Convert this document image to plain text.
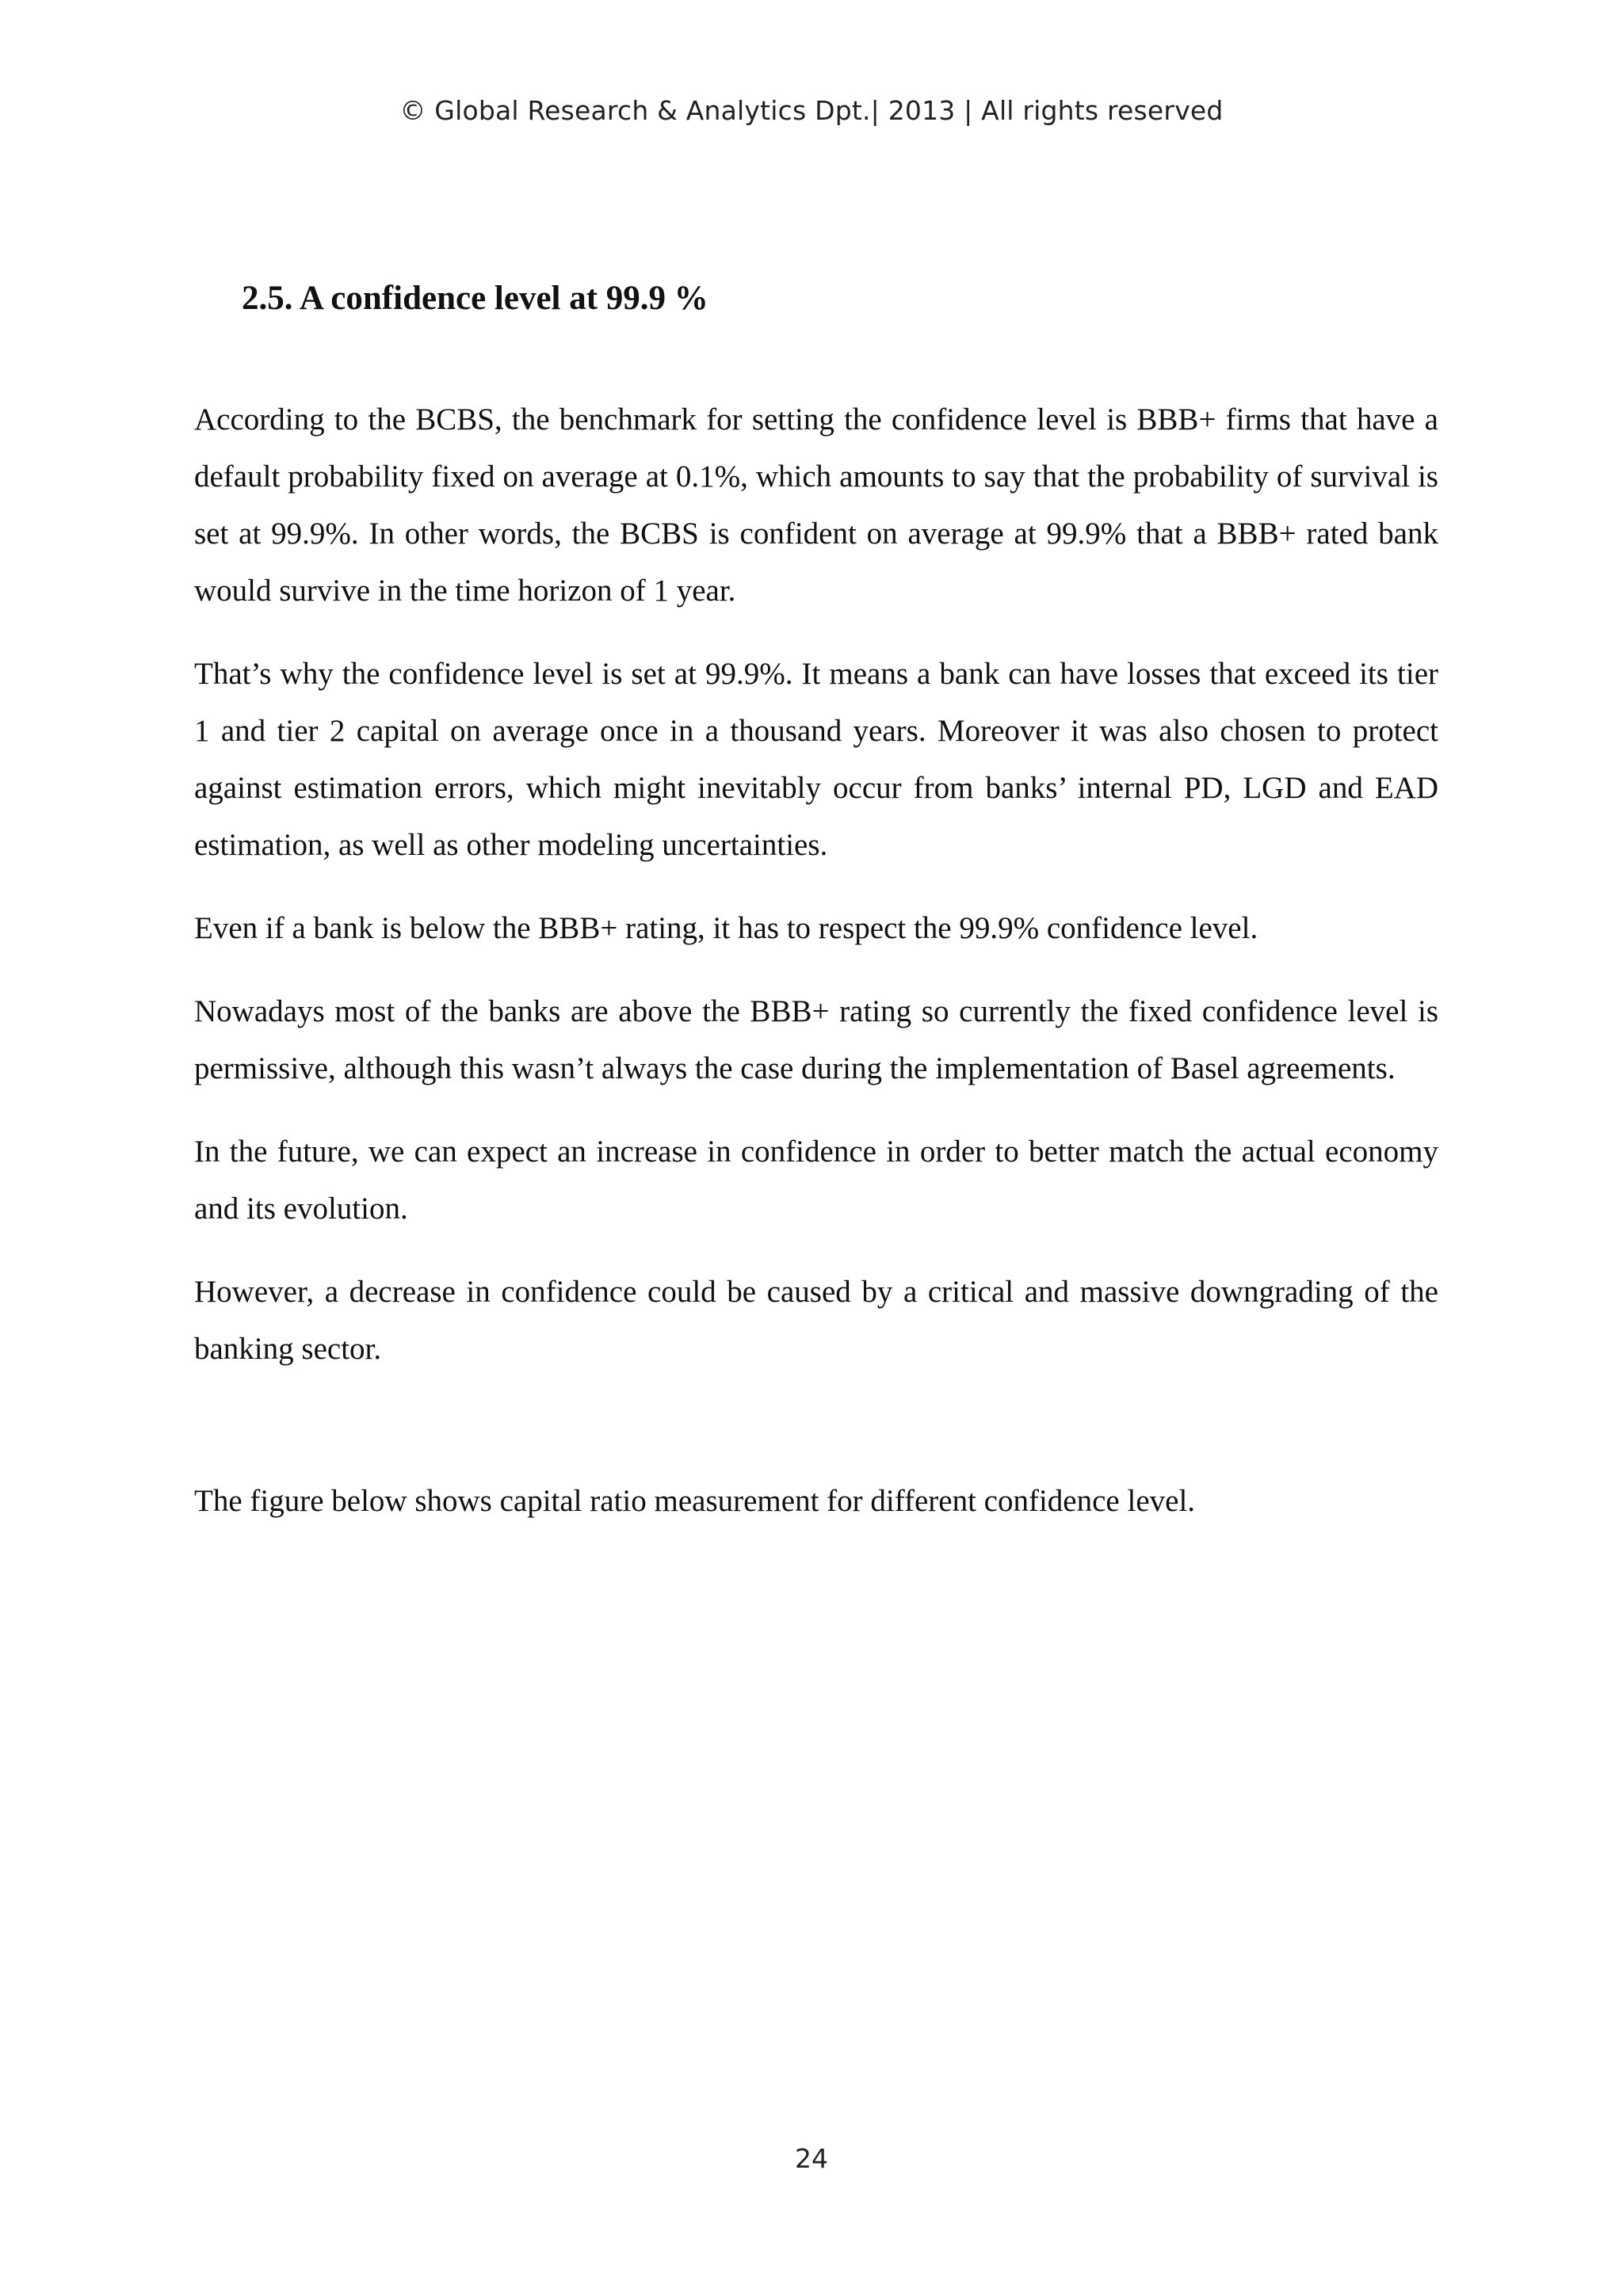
© Global Research & Analytics Dpt.| 2013 | All rights reserved
2.5. A confidence level at 99.9 %

According to the BCBS, the benchmark for setting the confidence level is BBB+ firms that have a default probability fixed on average at 0.1%, which amounts to say that the probability of survival is set at 99.9%. In other words, the BCBS is confident on average at 99.9% that a BBB+ rated bank would survive in the time horizon of 1 year.

That’s why the confidence level is set at 99.9%. It means a bank can have losses that exceed its tier 1 and tier 2 capital on average once in a thousand years. Moreover it was also chosen to protect against estimation errors, which might inevitably occur from banks’ internal PD, LGD and EAD estimation, as well as other modeling uncertainties.

Even if a bank is below the BBB+ rating, it has to respect the 99.9% confidence level.

Nowadays most of the banks are above the BBB+ rating so currently the fixed confidence level is permissive, although this wasn’t always the case during the implementation of Basel agreements.

In the future, we can expect an increase in confidence in order to better match the actual economy and its evolution.

However, a decrease in confidence could be caused by a critical and massive downgrading of the banking sector.

The figure below shows capital ratio measurement for different confidence level.

24
